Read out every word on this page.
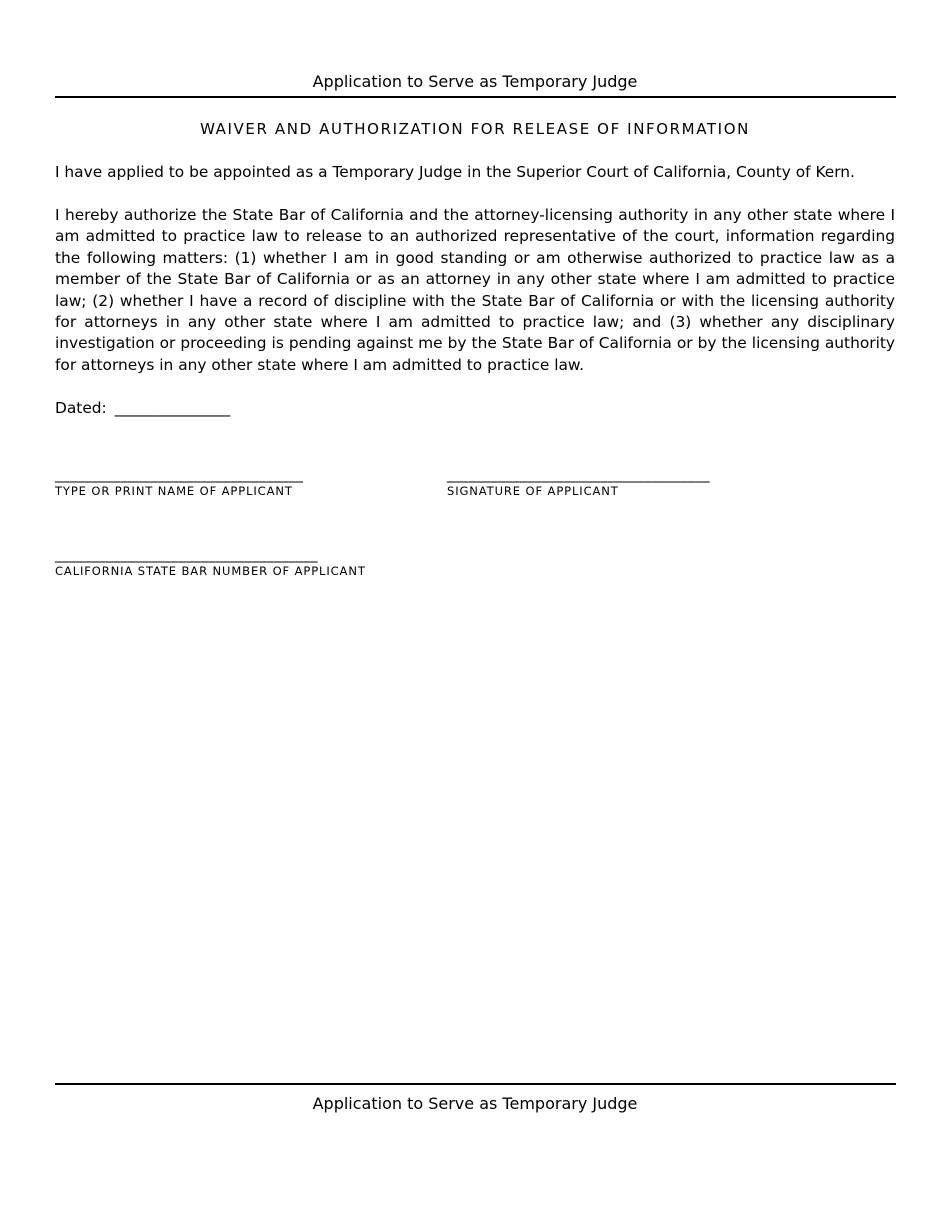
Application to Serve as Temporary Judge
WAIVER AND AUTHORIZATION FOR RELEASE OF INFORMATION

I have applied to be appointed as a Temporary Judge in the Superior Court of California, County of Kern.

I hereby authorize the State Bar of California and the attorney-licensing authority in any other state where I am admitted to practice law to release to an authorized representative of the court, information regarding the following matters: (1) whether I am in good standing or am otherwise authorized to practice law as a member of the State Bar of California or as an attorney in any other state where I am admitted to practice law; (2) whether I have a record of discipline with the State Bar of California or with the licensing authority for attorneys in any other state where I am admitted to practice law; and (3) whether any disciplinary investigation or proceeding is pending against me by the State Bar of California or by the licensing authority for attorneys in any other state where I am admitted to practice law.

Dated: _______________
__________________________________
TYPE OR PRINT NAME OF APPLICANT
____________________________________
SIGNATURE OF APPLICANT
____________________________________
CALIFORNIA STATE BAR NUMBER OF APPLICANT
Application to Serve as Temporary Judge
